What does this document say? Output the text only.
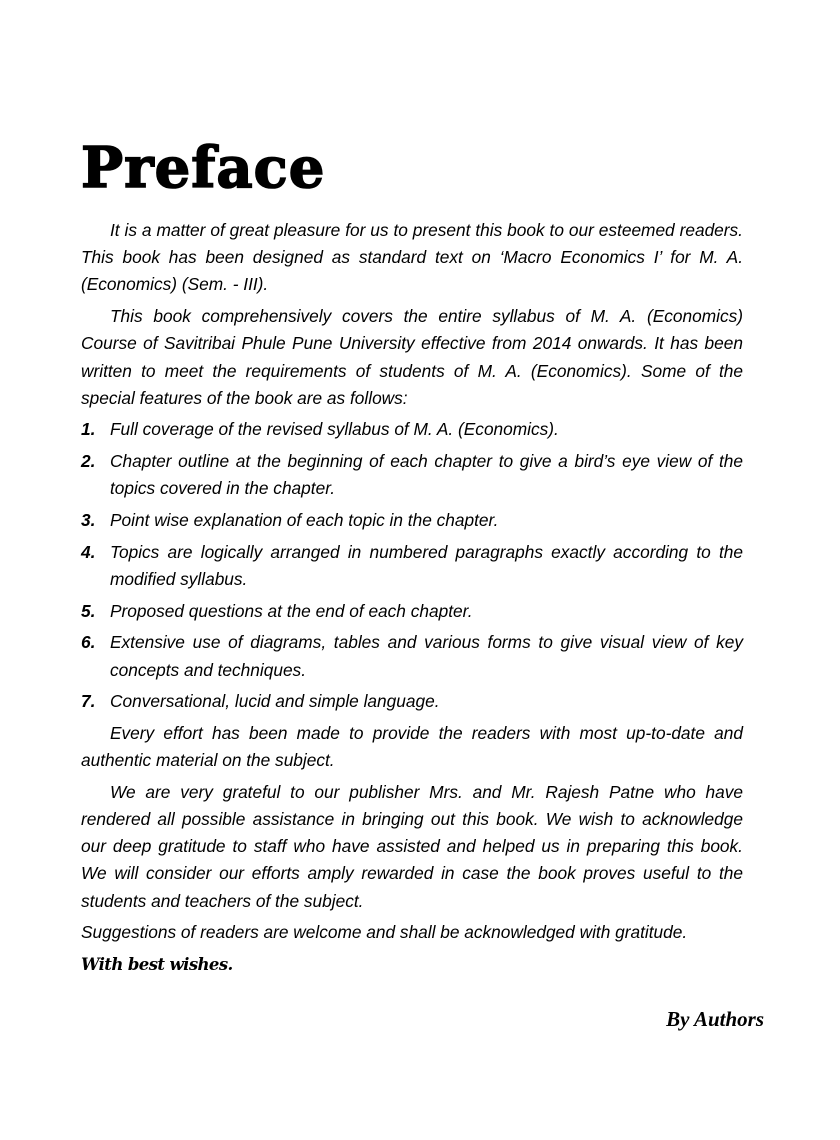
Preface

It is a matter of great pleasure for us to present this book to our esteemed readers. This book has been designed as standard text on ‘Macro Economics I’ for M. A. (Economics) (Sem. - III).

This book comprehensively covers the entire syllabus of M. A. (Economics) Course of Savitribai Phule Pune University effective from 2014 onwards. It has been written to meet the requirements of students of M. A. (Economics). Some of the special features of the book are as follows:

1. Full coverage of the revised syllabus of M. A. (Economics).
2. Chapter outline at the beginning of each chapter to give a bird’s eye view of the topics covered in the chapter.
3. Point wise explanation of each topic in the chapter.
4. Topics are logically arranged in numbered paragraphs exactly according to the modified syllabus.
5. Proposed questions at the end of each chapter.
6. Extensive use of diagrams, tables and various forms to give visual view of key concepts and techniques.
7. Conversational, lucid and simple language.

Every effort has been made to provide the readers with most up-to-date and authentic material on the subject.

We are very grateful to our publisher Mrs. and Mr. Rajesh Patne who have rendered all possible assistance in bringing out this book. We wish to acknowledge our deep gratitude to staff who have assisted and helped us in preparing this book. We will consider our efforts amply rewarded in case the book proves useful to the students and teachers of the subject.

Suggestions of readers are welcome and shall be acknowledged with gratitude.

With best wishes.

By Authors
